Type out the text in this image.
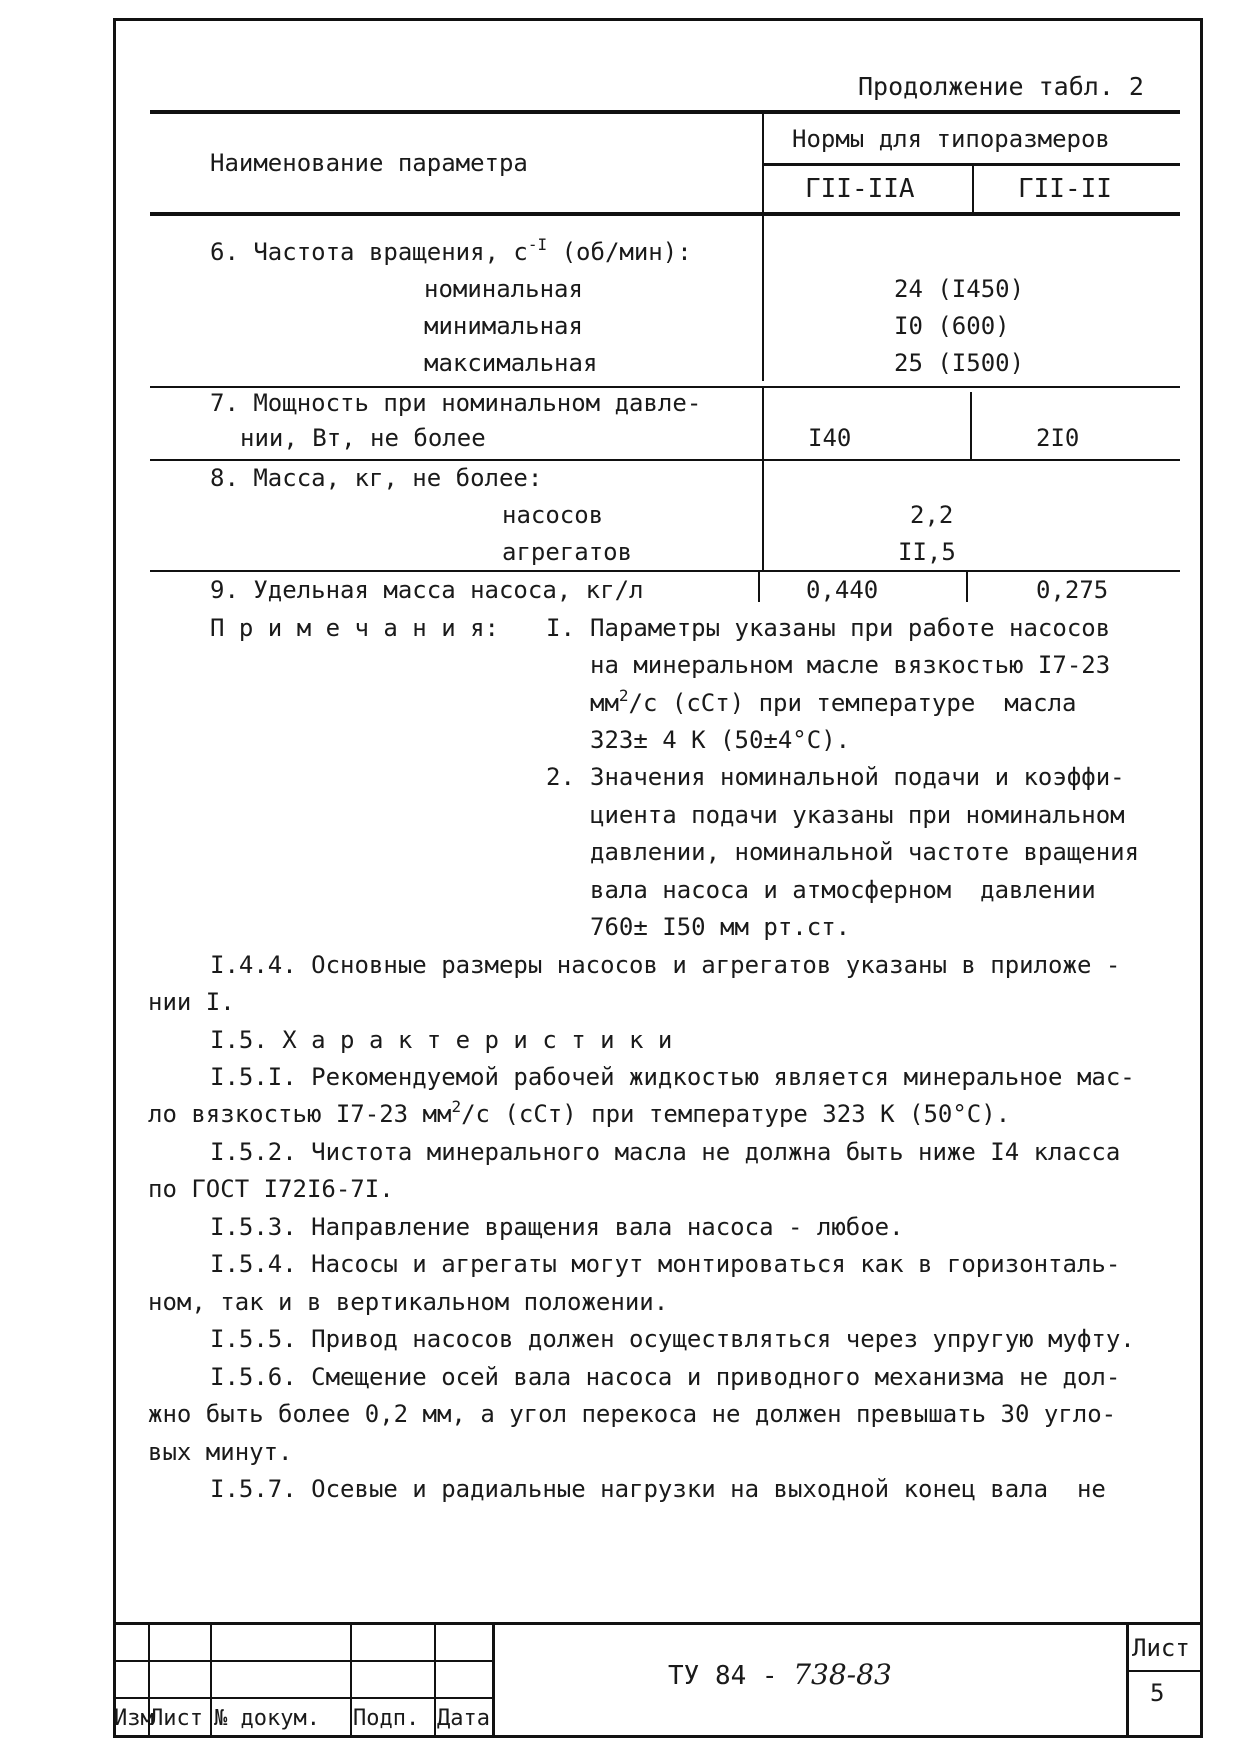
Продолжение табл. 2
Наименование параметра
Нормы для типоразмеров
ГII-IIA	ГII-II
6. Частота вращения, $с^{-I}$ (об/мин):
номинальная	24 (I450)
минимальная	I0 (600)
максимальная	25 (I500)
7. Мощность при номинальном давле-
нии, Вт, не более	I40	2I0
8. Масса, кг, не более:
насосов	2,2
агрегатов	II,5
9. Удельная масса насоса, кг/л	0,440	0,275
П р и м е ч а н и я: I. Параметры указаны при работе насосов
на минеральном масле вязкостью I7-23
$мм^2/с$ (сСт) при температуре  масла
323± 4 К (50±4°С).
2. Значения номинальной подачи и коэффи-
циента подачи указаны при номинальном
давлении, номинальной частоте вращения
вала насоса и атмосферном  давлении
760± I50 мм рт.ст.
I.4.4. Основные размеры насосов и агрегатов указаны в приложе -
нии I.
I.5. Х а р а к т е р и с т и к и
I.5.I. Рекомендуемой рабочей жидкостью является минеральное мас-
ло вязкостью I7-23 $мм^2/с$ (сСт) при температуре 323 К (50°С).
I.5.2. Чистота минерального масла не должна быть ниже I4 класса
по ГОСТ I72I6-7I.
I.5.3. Направление вращения вала насоса - любое.
I.5.4. Насосы и агрегаты могут монтироваться как в горизонталь-
ном, так и в вертикальном положении.
I.5.5. Привод насосов должен осуществляться через упругую муфту.
I.5.6. Смещение осей вала насоса и приводного механизма не дол-
жно быть более 0,2 мм, а угол перекоса не должен превышать 30 угло-
вых минут.
I.5.7. Осевые и радиальные нагрузки на выходной конец вала  не
Изм
Лист № докум. Подп. Дата
ТУ 84 - 738-83
Лист
5
